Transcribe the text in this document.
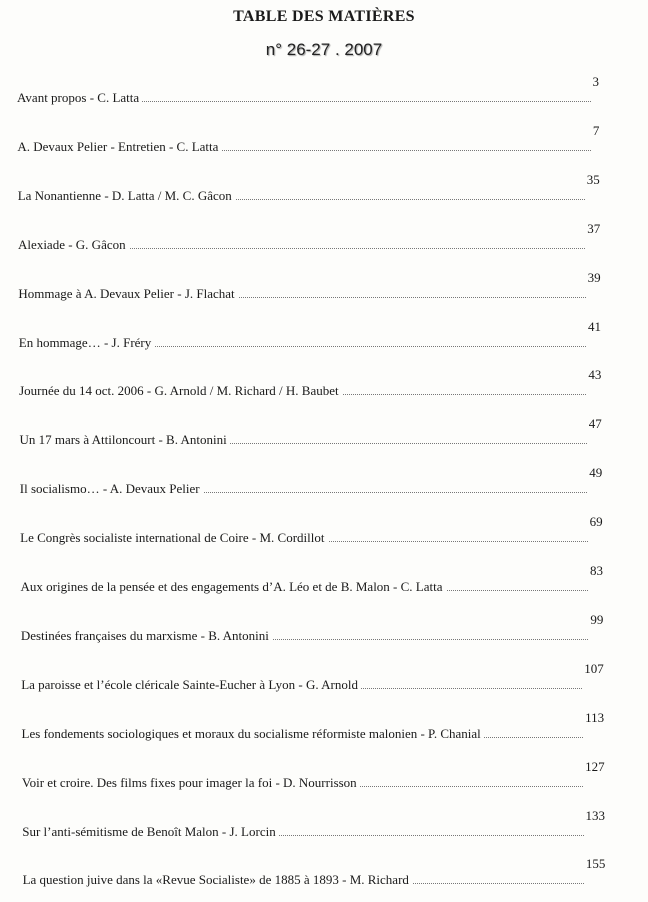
TABLE DES MATIÈRES
n° 26-27 . 2007
Avant propos - C. Latta
3
A. Devaux Pelier - Entretien - C. Latta
7
La Nonantienne - D. Latta / M. C. Gâcon
35
Alexiade - G. Gâcon
37
Hommage à A. Devaux Pelier - J. Flachat
39
En hommage… - J. Fréry
41
Journée du 14 oct. 2006 - G. Arnold / M. Richard / H. Baubet
43
Un 17 mars à Attiloncourt - B. Antonini
47
Il socialismo… - A. Devaux Pelier
49
Le Congrès socialiste international de Coire - M. Cordillot
69
Aux origines de la pensée et des engagements d’A. Léo et de B. Malon - C. Latta
83
Destinées françaises du marxisme - B. Antonini
99
La paroisse et l’école cléricale Sainte-Eucher à Lyon - G. Arnold
107
Les fondements sociologiques et moraux du socialisme réformiste malonien - P. Chanial
113
Voir et croire. Des films fixes pour imager la foi - D. Nourrisson
127
Sur l’anti-sémitisme de Benoît Malon - J. Lorcin
133
La question juive dans la «Revue Socialiste» de 1885 à 1893 - M. Richard
155
